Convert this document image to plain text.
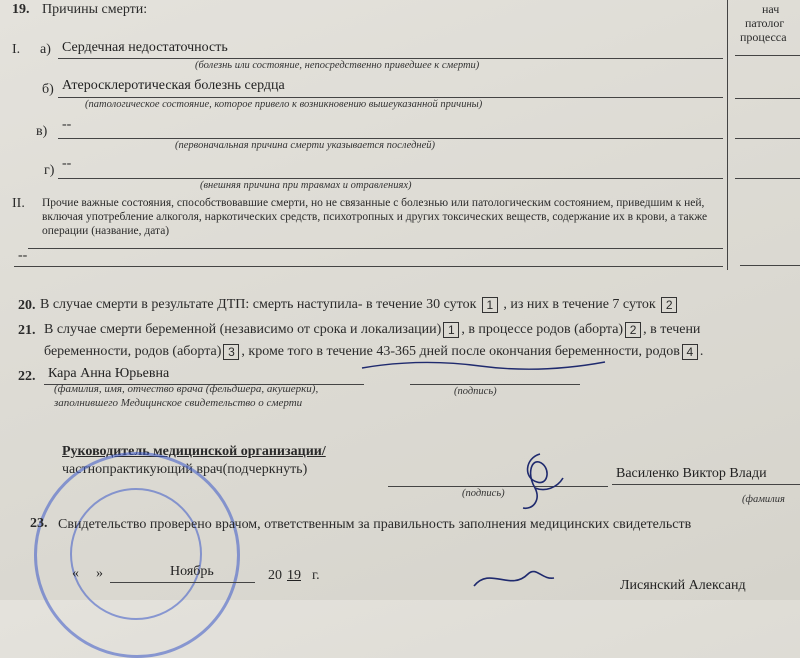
нач
патолог
процесса
19. Причины смерти:
I. а) Сердечная недостаточность
(болезнь или состояние, непосредственно приведшее к смерти)
б) Атеросклеротическая болезнь сердца
(патологическое состояние, которое привело к возникновению вышеуказанной причины)
в) --
(первоначальная причина смерти указывается последней)
г) --
(внешняя причина при травмах и отравлениях)
II. Прочие важные состояния, способствовавшие смерти, но не связанные с болезнью или патологическим состоянием, приведшим к ней, включая употребление алкоголя, наркотических средств, психотропных и других токсических веществ, содержание их в крови, а также операции (название, дата)
--
20. В случае смерти в результате ДТП: смерть наступила- в течение 30 суток 1 , из них в течение 7 суток 2
21. В случае смерти беременной (независимо от срока и локализации) 1 , в процессе родов (аборта) 2 , в течени
беременности, родов (аборта) 3 , кроме того в течение 43-365 дней после окончания беременности, родов 4 .
22. Кара Анна Юрьевна
(фамилия, имя, отчество врача (фельдшера, акушерки),
заполнившего Медицинское свидетельство о смерти
(подпись)
Руководитель медицинской организации/
частнопрактикующий врач(подчеркнуть)
(подпись)
Василенко Виктор Влади
(фамилия
23. Свидетельство проверено врачом, ответственным за правильность заполнения медицинских свидетельств
« »	Ноябрь	20 19 г.
Лисянский Александ
